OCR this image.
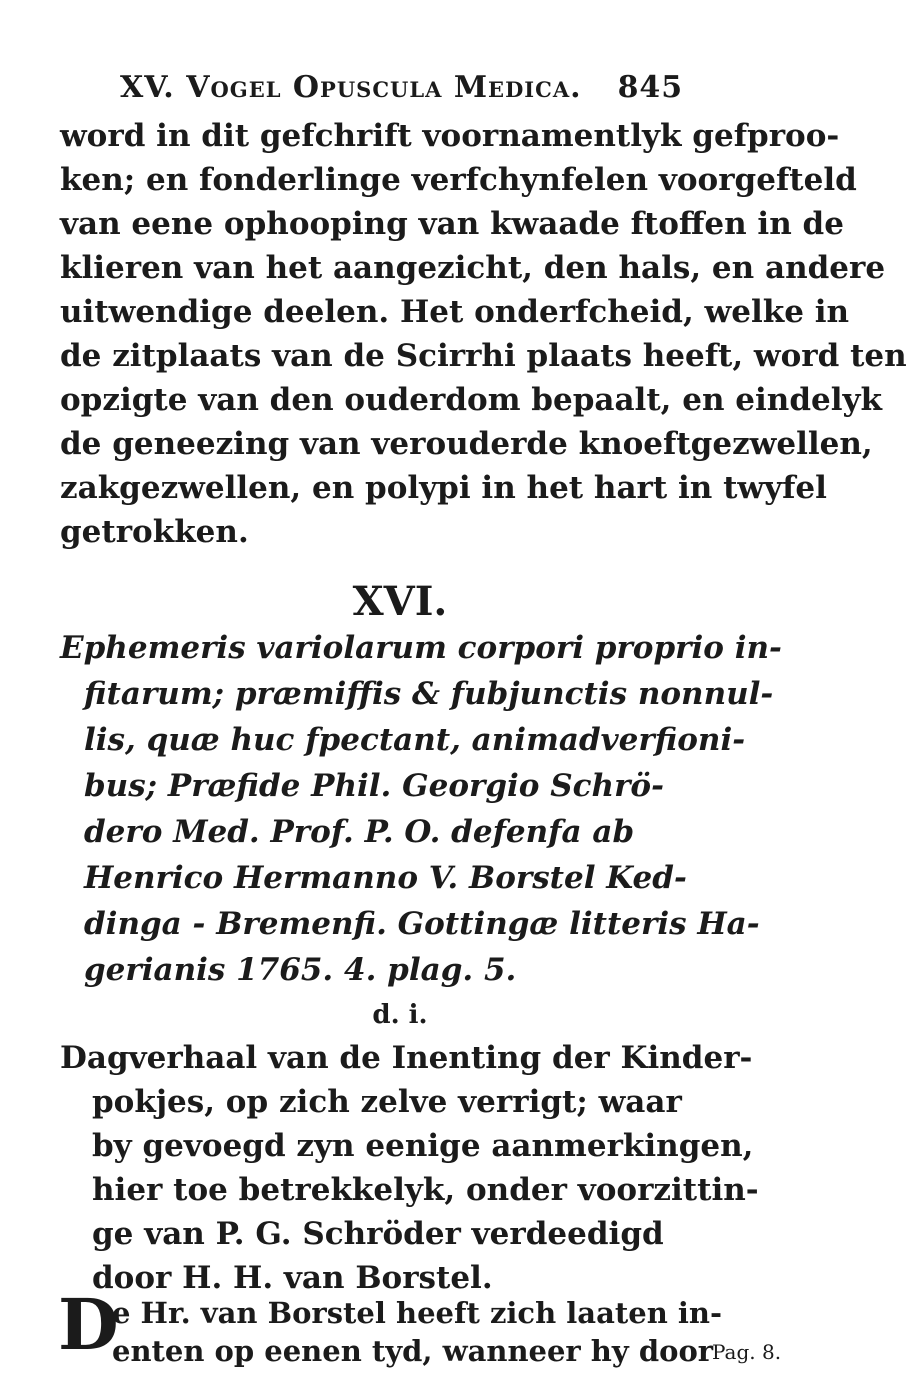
XV. Vogel Opuscula Medica. 845
word in dit gefchrift voornamentlyk gefproo-
ken; en fonderlinge verfchynfelen voorgefteld
van eene ophooping van kwaade ftoffen in de
klieren van het aangezicht, den hals, en andere
uitwendige deelen. Het onderfcheid, welke in
de zitplaats van de Scirrhi plaats heeft, word ten
opzigte van den ouderdom bepaalt, en eindelyk
de geneezing van verouderde knoeftgezwellen,
zakgezwellen, en polypi in het hart in twyfel
getrokken.
XVI.
Ephemeris variolarum corpori proprio in-
fitarum; præmiffis & fubjunctis nonnul-
lis, quæ huc fpectant, animadverfioni-
bus; Præfide Phil. Georgio Schrö-
dero Med. Prof. P. O. defenfa ab
Henrico Hermanno V. Borstel Ked-
dinga - Bremenfi. Gottingæ litteris Ha-
gerianis 1765. 4. plag. 5.
d. i.
Dagverhaal van de Inenting der Kinder-
pokjes, op zich zelve verrigt; waar
by gevoegd zyn eenige aanmerkingen,
hier toe betrekkelyk, onder voorzittin-
ge van P. G. Schröder verdeedigd
door H. H. van Borstel.
D
e Hr. van Borstel heeft zich laaten in-
enten op eenen tyd, wanneer hy door
Pag. 8.
